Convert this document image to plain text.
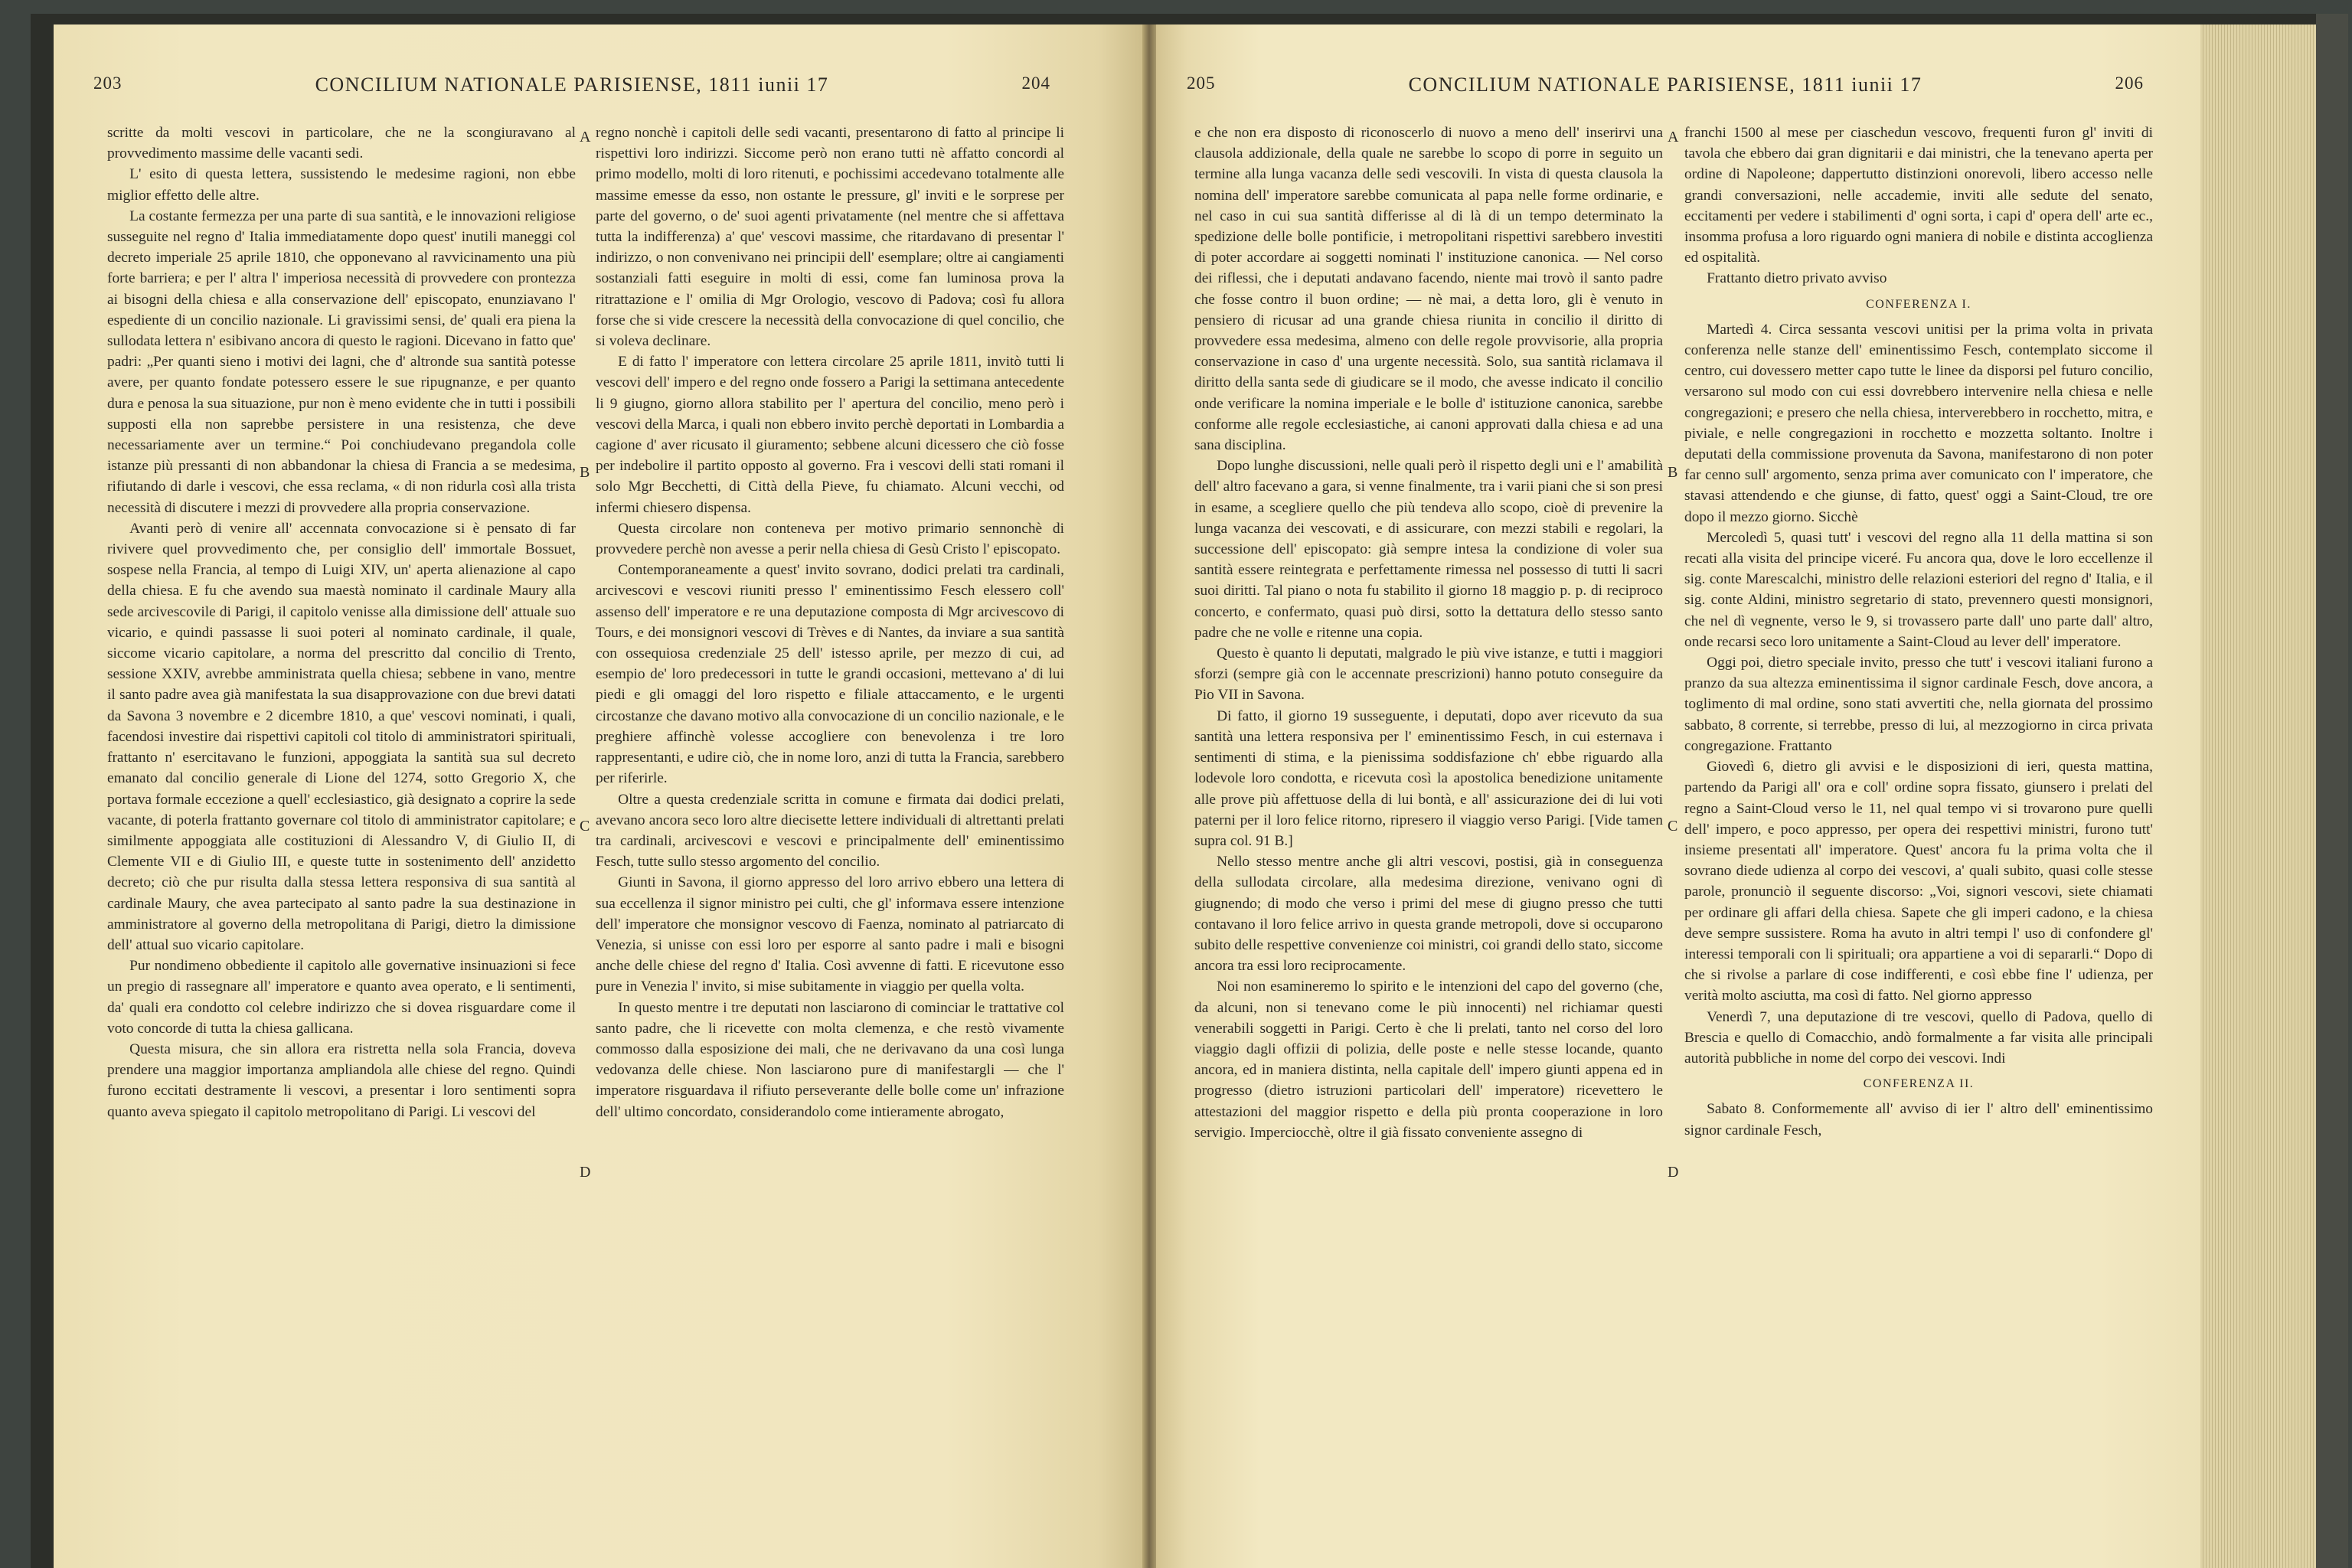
203	CONCILIUM NATIONALE PARISIENSE, 1811 iunii 17	204

scritte da molti vescovi in particolare, che ne la scongiuravano al provvedimento massime delle vacanti sedi.

L' esito di questa lettera, sussistendo le medesime ragioni, non ebbe miglior effetto delle altre.

La costante fermezza per una parte di sua santità, e le innovazioni religiose susseguite nel regno d' Italia immediatamente dopo quest' inutili maneggi col decreto imperiale 25 aprile 1810, che opponevano al ravvicinamento una più forte barriera; e per l' altra l' imperiosa necessità di provvedere con prontezza ai bisogni della chiesa e alla conservazione dell' episcopato, enunziavano l' espediente di un concilio nazionale. Li gravissimi sensi, de' quali era piena la sullodata lettera n' esibivano ancora di questo le ragioni. Dicevano in fatto que' padri: „Per quanti sieno i motivi dei lagni, che d' altronde sua santità potesse avere, per quanto fondate potessero essere le sue ripugnanze, e per quanto dura e penosa la sua situazione, pur non è meno evidente che in tutti i possibili supposti ella non saprebbe persistere in una resistenza, che deve necessariamente aver un termine.“ Poi conchiudevano pregandola colle istanze più pressanti di non abbandonar la chiesa di Francia a se medesima, rifiutando di darle i vescovi, che essa reclama, « di non ridurla così alla trista necessità di discutere i mezzi di provvedere alla propria conservazione.

Avanti però di venire all' accennata convocazione si è pensato di far rivivere quel provvedimento che, per consiglio dell' immortale Bossuet, sospese nella Francia, al tempo di Luigi XIV, un' aperta alienazione al capo della chiesa. E fu che avendo sua maestà nominato il cardinale Maury alla sede arcivescovile di Parigi, il capitolo venisse alla dimissione dell' attuale suo vicario, e quindi passasse li suoi poteri al nominato cardinale, il quale, siccome vicario capitolare, a norma del prescritto dal concilio di Trento, sessione XXIV, avrebbe amministrata quella chiesa; sebbene in vano, mentre il santo padre avea già manifestata la sua disapprovazione con due brevi datati da Savona 3 novembre e 2 dicembre 1810, a que' vescovi nominati, i quali, facendosi investire dai rispettivi capitoli col titolo di amministratori spirituali, frattanto n' esercitavano le funzioni, appoggiata la santità sua sul decreto emanato dal concilio generale di Lione del 1274, sotto Gregorio X, che portava formale eccezione a quell' ecclesiastico, già designato a coprire la sede vacante, di poterla frattanto governare col titolo di amministrator capitolare; e similmente appoggiata alle costituzioni di Alessandro V, di Giulio II, di Clemente VII e di Giulio III, e queste tutte in sostenimento dell' anzidetto decreto; ciò che pur risulta dalla stessa lettera responsiva di sua santità al cardinale Maury, che avea partecipato al santo padre la sua destinazione in amministratore al governo della metropolitana di Parigi, dietro la dimissione dell' attual suo vicario capitolare.

Pur nondimeno obbediente il capitolo alle governative insinuazioni si fece un pregio di rassegnare all' imperatore e quanto avea operato, e li sentimenti, da' quali era condotto col celebre indirizzo che si dovea risguardare come il voto concorde di tutta la chiesa gallicana.

Questa misura, che sin allora era ristretta nella sola Francia, doveva prendere una maggior importanza ampliandola alle chiese del regno. Quindi furono eccitati destramente li vescovi, a presentar i loro sentimenti sopra quanto aveva spiegato il capitolo metropolitano di Parigi. Li vescovi del

regno nonchè i capitoli delle sedi vacanti, presentarono di fatto al principe li rispettivi loro indirizzi. Siccome però non erano tutti nè affatto concordi al primo modello, molti di loro ritenuti, e pochissimi accedevano totalmente alle massime emesse da esso, non ostante le pressure, gl' inviti e le sorprese per parte del governo, o de' suoi agenti privatamente (nel mentre che si affettava tutta la indifferenza) a' que' vescovi massime, che ritardavano di presentar l' indirizzo, o non convenivano nei principii dell' esemplare; oltre ai cangiamenti sostanziali fatti eseguire in molti di essi, come fan luminosa prova la ritrattazione e l' omilia di Mgr Orologio, vescovo di Padova; così fu allora forse che si vide crescere la necessità della convocazione di quel concilio, che si voleva declinare.

E di fatto l' imperatore con lettera circolare 25 aprile 1811, invitò tutti li vescovi dell' impero e del regno onde fossero a Parigi la settimana antecedente li 9 giugno, giorno allora stabilito per l' apertura del concilio, meno però i vescovi della Marca, i quali non ebbero invito perchè deportati in Lombardia a cagione d' aver ricusato il giuramento; sebbene alcuni dicessero che ciò fosse per indebolire il partito opposto al governo. Fra i vescovi delli stati romani il solo Mgr Becchetti, di Città della Pieve, fu chiamato. Alcuni vecchi, od infermi chiesero dispensa.

Questa circolare non conteneva per motivo primario sennonchè di provvedere perchè non avesse a perir nella chiesa di Gesù Cristo l' episcopato.

Contemporaneamente a quest' invito sovrano, dodici prelati tra cardinali, arcivescovi e vescovi riuniti presso l' eminentissimo Fesch elessero coll' assenso dell' imperatore e re una deputazione composta di Mgr arcivescovo di Tours, e dei monsignori vescovi di Trèves e di Nantes, da inviare a sua santità con ossequiosa credenziale 25 dell' istesso aprile, per mezzo di cui, ad esempio de' loro predecessori in tutte le grandi occasioni, mettevano a' di lui piedi e gli omaggi del loro rispetto e filiale attaccamento, e le urgenti circostanze che davano motivo alla convocazione di un concilio nazionale, e le preghiere affinchè volesse accogliere con benevolenza i tre loro rappresentanti, e udire ciò, che in nome loro, anzi di tutta la Francia, sarebbero per riferirle.

Oltre a questa credenziale scritta in comune e firmata dai dodici prelati, avevano ancora seco loro altre diecisette lettere individuali di altrettanti prelati tra cardinali, arcivescovi e vescovi e principalmente dell' eminentissimo Fesch, tutte sullo stesso argomento del concilio.

Giunti in Savona, il giorno appresso del loro arrivo ebbero una lettera di sua eccellenza il signor ministro pei culti, che gl' informava essere intenzione dell' imperatore che monsignor vescovo di Faenza, nominato al patriarcato di Venezia, si unisse con essi loro per esporre al santo padre i mali e bisogni anche delle chiese del regno d' Italia. Così avvenne di fatti. E ricevutone esso pure in Venezia l' invito, si mise subitamente in viaggio per quella volta.

In questo mentre i tre deputati non lasciarono di cominciar le trattative col santo padre, che li ricevette con molta clemenza, e che restò vivamente commosso dalla esposizione dei mali, che ne derivavano da una così lunga vedovanza delle chiese. Non lasciarono pure di manifestargli — che l' imperatore risguardava il rifiuto perseverante delle bolle come un' infrazione dell' ultimo concordato, considerandolo come intieramente abrogato,

A
B
C
D
205	CONCILIUM NATIONALE PARISIENSE, 1811 iunii 17	206

e che non era disposto di riconoscerlo di nuovo a meno dell' inserirvi una clausola addizionale, della quale ne sarebbe lo scopo di porre in seguito un termine alla lunga vacanza delle sedi vescovili. In vista di questa clausola la nomina dell' imperatore sarebbe comunicata al papa nelle forme ordinarie, e nel caso in cui sua santità differisse al di là di un tempo determinato la spedizione delle bolle pontificie, i metropolitani rispettivi sarebbero investiti di poter accordare ai soggetti nominati l' instituzione canonica. — Nel corso dei riflessi, che i deputati andavano facendo, niente mai trovò il santo padre che fosse contro il buon ordine; — nè mai, a detta loro, gli è venuto in pensiero di ricusar ad una grande chiesa riunita in concilio il diritto di provvedere essa medesima, almeno con delle regole provvisorie, alla propria conservazione in caso d' una urgente necessità. Solo, sua santità riclamava il diritto della santa sede di giudicare se il modo, che avesse indicato il concilio onde verificare la nomina imperiale e le bolle d' istituzione canonica, sarebbe conforme alle regole ecclesiastiche, ai canoni approvati dalla chiesa e ad una sana disciplina.

Dopo lunghe discussioni, nelle quali però il rispetto degli uni e l' amabilità dell' altro facevano a gara, si venne finalmente, tra i varii piani che si son presi in esame, a scegliere quello che più tendeva allo scopo, cioè di prevenire la lunga vacanza dei vescovati, e di assicurare, con mezzi stabili e regolari, la successione dell' episcopato: già sempre intesa la condizione di voler sua santità essere reintegrata e perfettamente rimessa nel possesso di tutti li sacri suoi diritti. Tal piano o nota fu stabilito il giorno 18 maggio p. p. di reciproco concerto, e confermato, quasi può dirsi, sotto la dettatura dello stesso santo padre che ne volle e ritenne una copia.

Questo è quanto li deputati, malgrado le più vive istanze, e tutti i maggiori sforzi (sempre già con le accennate prescrizioni) hanno potuto conseguire da Pio VII in Savona.

Di fatto, il giorno 19 susseguente, i deputati, dopo aver ricevuto da sua santità una lettera responsiva per l' eminentissimo Fesch, in cui esternava i sentimenti di stima, e la pienissima soddisfazione ch' ebbe riguardo alla lodevole loro condotta, e ricevuta così la apostolica benedizione unitamente alle prove più affettuose della di lui bontà, e all' assicurazione dei di lui voti paterni per il loro felice ritorno, ripresero il viaggio verso Parigi. [Vide tamen supra col. 91 B.]

Nello stesso mentre anche gli altri vescovi, postisi, già in conseguenza della sullodata circolare, alla medesima direzione, venivano ogni dì giugnendo; di modo che verso i primi del mese di giugno presso che tutti contavano il loro felice arrivo in questa grande metropoli, dove si occuparono subito delle respettive convenienze coi ministri, coi grandi dello stato, siccome ancora tra essi loro reciprocamente.

Noi non esamineremo lo spirito e le intenzioni del capo del governo (che, da alcuni, non si tenevano come le più innocenti) nel richiamar questi venerabili soggetti in Parigi. Certo è che li prelati, tanto nel corso del loro viaggio dagli offizii di polizia, delle poste e nelle stesse locande, quanto ancora, ed in maniera distinta, nella capitale dell' impero giunti appena ed in progresso (dietro istruzioni particolari dell' imperatore) ricevettero le attestazioni del maggior rispetto e della più pronta cooperazione in loro servigio. Imperciocchè, oltre il già fissato conveniente assegno di

franchi 1500 al mese per ciaschedun vescovo, frequenti furon gl' inviti di tavola che ebbero dai gran dignitarii e dai ministri, che la tenevano aperta per ordine di Napoleone; dappertutto distinzioni onorevoli, libero accesso nelle grandi conversazioni, nelle accademie, inviti alle sedute del senato, eccitamenti per vedere i stabilimenti d' ogni sorta, i capi d' opera dell' arte ec., insomma profusa a loro riguardo ogni maniera di nobile e distinta accoglienza ed ospitalità.

Frattanto dietro privato avviso

CONFERENZA I.

Martedì 4. Circa sessanta vescovi unitisi per la prima volta in privata conferenza nelle stanze dell' eminentissimo Fesch, contemplato siccome il centro, cui dovessero metter capo tutte le linee da disporsi pel futuro concilio, versarono sul modo con cui essi dovrebbero intervenire nella chiesa e nelle congregazioni; e presero che nella chiesa, interverebbero in rocchetto, mitra, e piviale, e nelle congregazioni in rocchetto e mozzetta soltanto. Inoltre i deputati della commissione provenuta da Savona, manifestarono di non poter far cenno sull' argomento, senza prima aver comunicato con l' imperatore, che stavasi attendendo e che giunse, di fatto, quest' oggi a Saint-Cloud, tre ore dopo il mezzo giorno. Sicchè

Mercoledì 5, quasi tutt' i vescovi del regno alla 11 della mattina si son recati alla visita del principe viceré. Fu ancora qua, dove le loro eccellenze il sig. conte Marescalchi, ministro delle relazioni esteriori del regno d' Italia, e il sig. conte Aldini, ministro segretario di stato, prevennero questi monsignori, che nel dì vegnente, verso le 9, si trovassero parte dall' uno parte dall' altro, onde recarsi seco loro unitamente a Saint-Cloud au lever dell' imperatore.

Oggi poi, dietro speciale invito, presso che tutt' i vescovi italiani furono a pranzo da sua altezza eminentissima il signor cardinale Fesch, dove ancora, a toglimento di mal ordine, sono stati avvertiti che, nella giornata del prossimo sabbato, 8 corrente, si terrebbe, presso di lui, al mezzogiorno in circa privata congregazione. Frattanto

Giovedì 6, dietro gli avvisi e le disposizioni di ieri, questa mattina, partendo da Parigi all' ora e coll' ordine sopra fissato, giunsero i prelati del regno a Saint-Cloud verso le 11, nel qual tempo vi si trovarono pure quelli dell' impero, e poco appresso, per opera dei respettivi ministri, furono tutt' insieme presentati all' imperatore. Quest' ancora fu la prima volta che il sovrano diede udienza al corpo dei vescovi, a' quali subito, quasi colle stesse parole, pronunciò il seguente discorso: „Voi, signori vescovi, siete chiamati per ordinare gli affari della chiesa. Sapete che gli imperi cadono, e la chiesa deve sempre sussistere. Roma ha avuto in altri tempi l' uso di confondere gl' interessi temporali con li spirituali; ora appartiene a voi di separarli.“ Dopo di che si rivolse a parlare di cose indifferenti, e così ebbe fine l' udienza, per verità molto asciutta, ma così di fatto. Nel giorno appresso

Venerdì 7, una deputazione di tre vescovi, quello di Padova, quello di Brescia e quello di Comacchio, andò formalmente a far visita alle principali autorità pubbliche in nome del corpo dei vescovi. Indi

CONFERENZA II.

Sabato 8. Conformemente all' avviso di ier l' altro dell' eminentissimo signor cardinale Fesch,

A
B
C
D
